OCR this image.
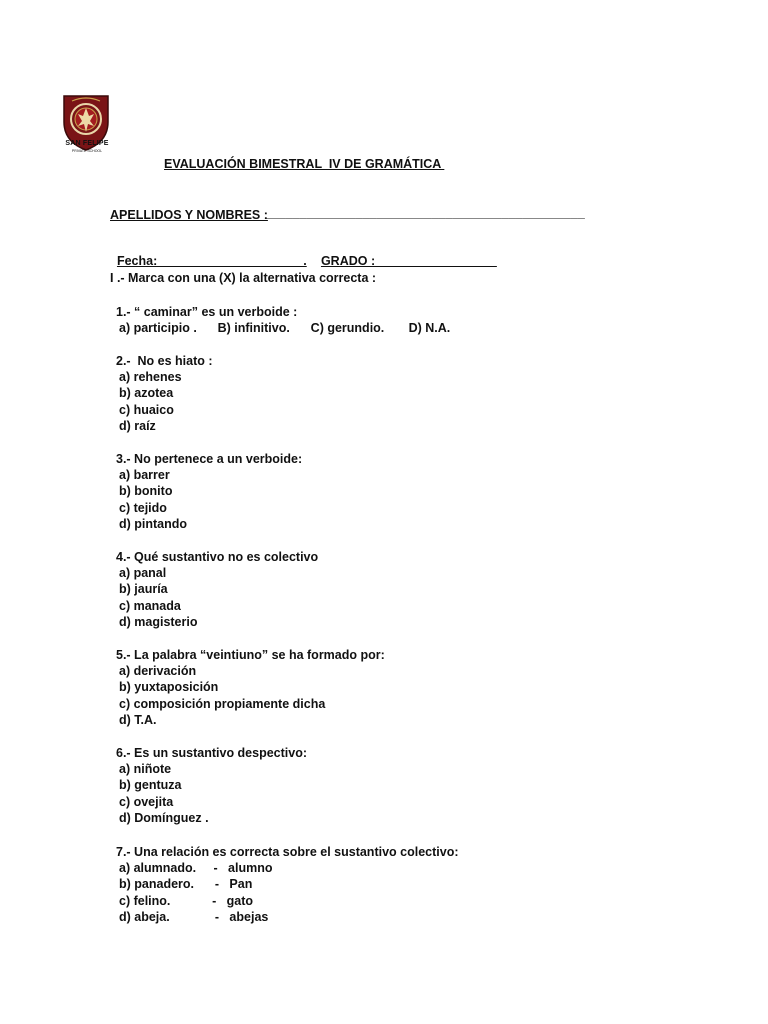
SAN FELIPE
PRIVATE SCHOOL
EVALUACIÓN BIMESTRAL  IV DE GRAMÁTICA
APELLIDOS Y NOMBRES :
______________________________________________

Fecha:_____________________.	GRADO : _________________

I .- Marca con una (X) la alternativa correcta :
1.- “ caminar” es un verboide :
a) participio .      B) infinitivo.      C) gerundio.       D) N.A.
2.-  No es hiato :
a) rehenes
b) azotea
c) huaico
d) raíz
3.- No pertenece a un verboide:
a) barrer
b) bonito
c) tejido
d) pintando
4.- Qué sustantivo no es colectivo
a) panal
b) jauría
c) manada
d) magisterio
5.- La palabra “veintiuno” se ha formado por:
a) derivación
b) yuxtaposición
c) composición propiamente dicha
d) T.A.
6.- Es un sustantivo despectivo:
a) niñote
b) gentuza
c) ovejita
d) Domínguez .
7.- Una relación es correcta sobre el sustantivo colectivo:
a) alumnado.     -   alumno
b) panadero.      -   Pan
c) felino.            -   gato
d) abeja.             -   abejas
